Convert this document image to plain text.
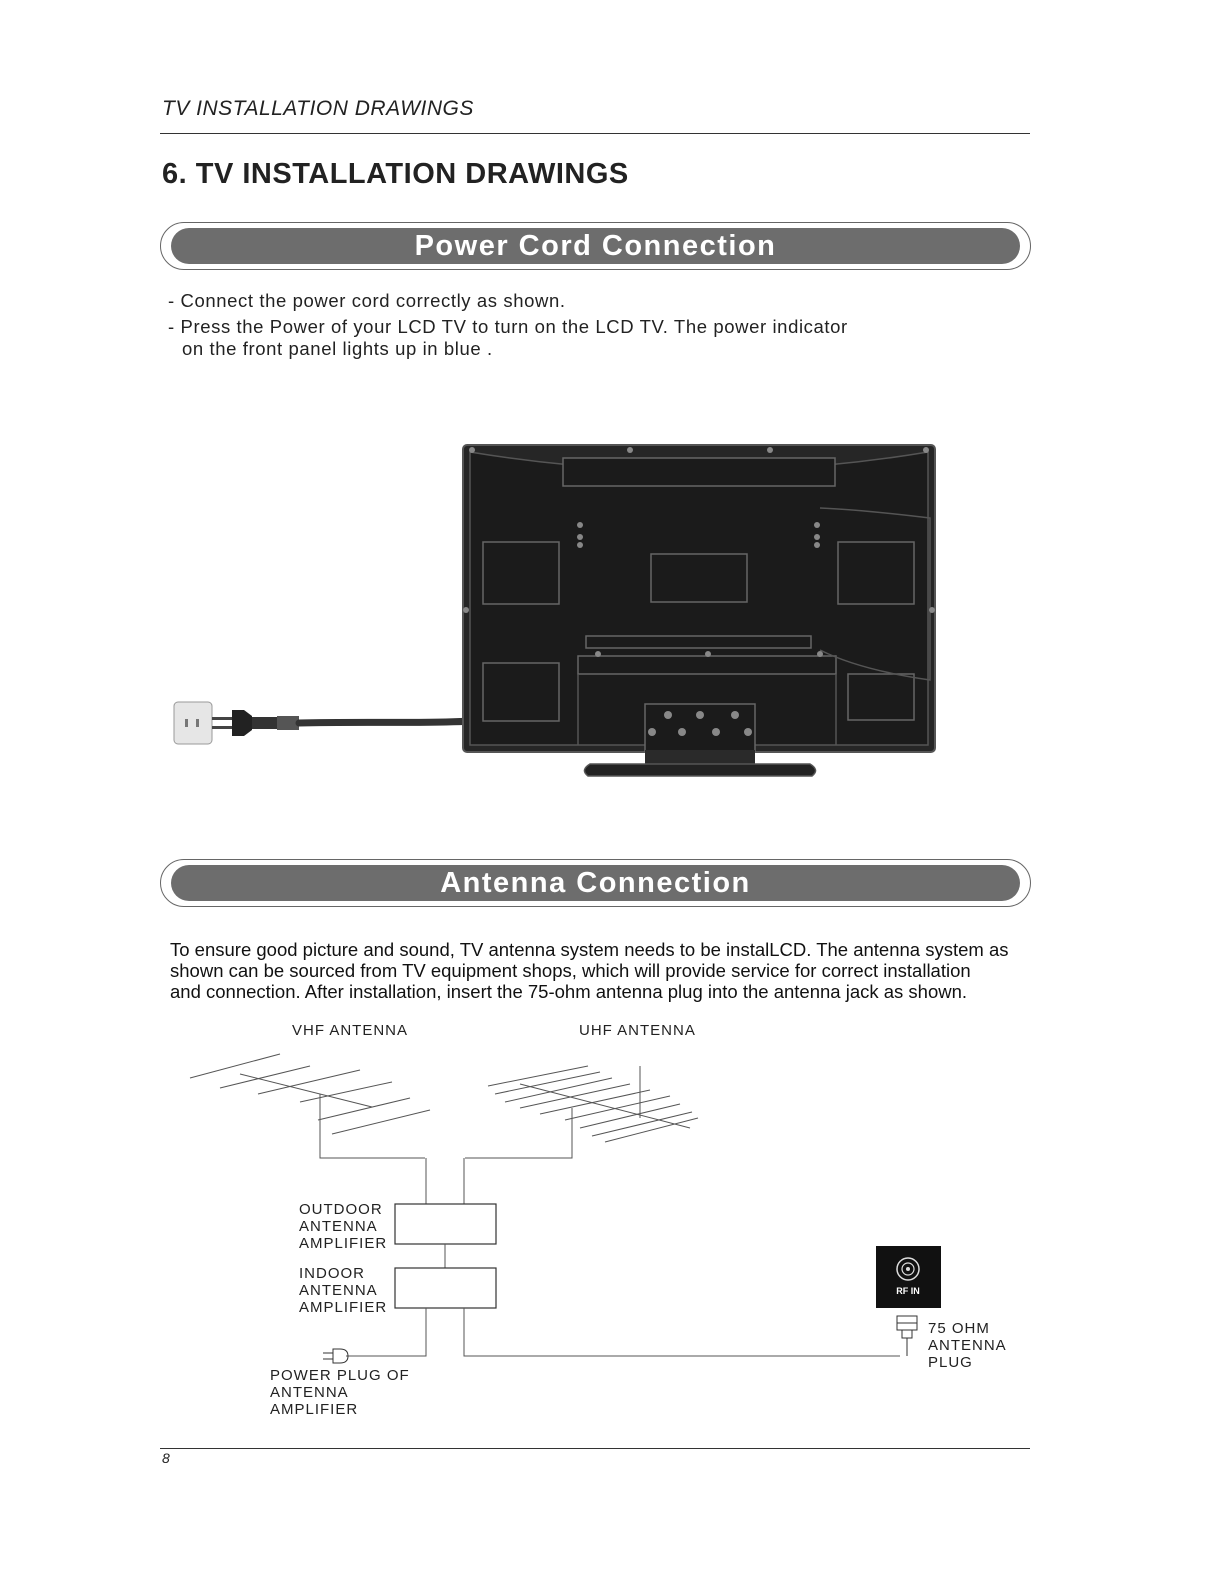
TV INSTALLATION DRAWINGS
6. TV INSTALLATION DRAWINGS
Power Cord Connection
- Connect the power cord correctly as shown.
- Press the Power of your LCD TV to turn on the LCD TV. The power indicator
on the front panel lights up in blue .
Antenna Connection
To ensure good picture and sound, TV antenna system needs to be instalLCD. The antenna system as
shown can be sourced from TV equipment shops, which will provide service for correct installation
and connection. After installation, insert the 75-ohm antenna plug into the antenna jack as shown.
RF IN
VHF ANTENNA	UHF ANTENNA
OUTDOOR
ANTENNA
AMPLIFIER
INDOOR
ANTENNA
AMPLIFIER
POWER PLUG OF
ANTENNA
AMPLIFIER
75 OHM
ANTENNA
PLUG
8
